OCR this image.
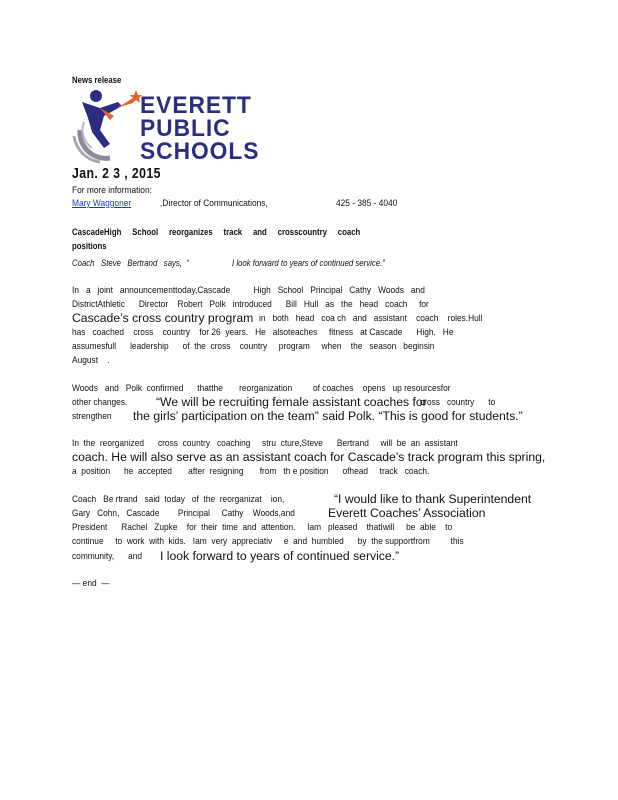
News release
EVERETT
PUBLIC
SCHOOLS
Jan. 2 3 , 2015
For more information:
Mary Waggoner	,Director of Communications,	425 - 385 - 4040
CascadeHigh     School     reorganizes     track     and     crosscountry     coach
positions
Coach   Steve   Bertrand   says,  “	I look forward to years of continued service.”
In   a   joint   announcementtoday,Cascade          High   School   Principal   Cathy   Woods   and
DistrictAthletic      Director    Robert   Polk   introduced      Bill   Hull   as   the   head   coach     for
Cascade’s cross country program in   both   head   coa ch   and   assistant    coach    roles.Hull
has   coached    cross    country    for 26  years.   He   alsoteaches     fitness   at Cascade      High.   He
assumesfull      leadership      of  the  cross    country     program     when    the   season   beginsin
August    .
Woods   and   Polk  confirmed      thatthe       reorganization         of coaches    opens   up resourcesfor
other changes. “We will be recruiting female assistant coaches for
cross   country      to
strengthen the girls’ participation on the team” said Polk. “This is good for students.”
In  the  reorganized      cross  country   coaching     stru  cture,Steve      Bertrand     will  be  an  assistant
coach. He will also serve as an assistant coach for Cascade’s track program this spring,
a  position      he  accepted       after  resigning       from   th e position      ofhead     track   coach.
Coach   Be rtrand   said  today   of  the  reorganizat    ion,	“I would like to thank Superintendent
Gary   Cohn,   Cascade        Principal     Cathy    Woods,and	Everett Coaches’ Association
President      Rachel   Zupke    for  their  time  and  attention.     Iam   pleased    thatIwill     be  able    to
continue     to  work  with  kids.   Iam  very  appreciativ     e  and  humbled      by  the supportfrom         this
community,      and I look forward to years of continued service.”
— end  —
